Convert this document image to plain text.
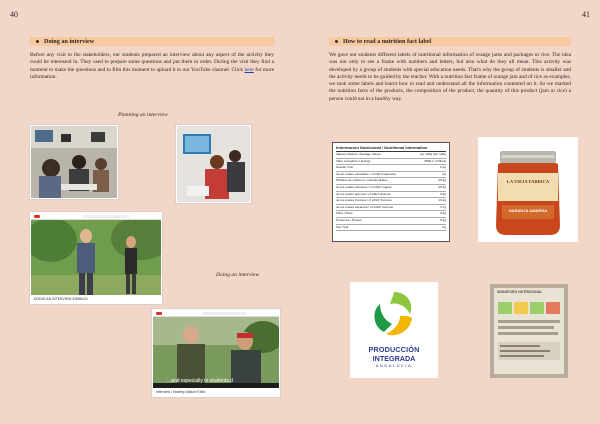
40	41
Doing an interview
Before any visit to the stakeholders, our students prepared an interview about any aspect of the activity they could be interested in. They used to prepare some questions and put them in order. During the visit they find a moment to make the questions and to film this moment to upload it in our YouTube channel. Click here for more information.
Planning an interview
DOING AN INTERVIEW EIMINGO
Doing an interview
...and especially to students.d
Interview / Healthy-Nature Ethic
How to read a nutrition fact label
We gave our students different labels of nutritional information of orange jams and packages or rice. The idea was not only to see a frame with numbers and letters, but also what do they all mean. This activity was developed by a group of students with special education needs. That's why the group of students is smaller and the activity needs to be guided by the teacher. With a nutrition fact frame of orange jam and of rice as examples, we took some labels and learnt how to read and understand all the information contented on it. So we marked the nutrition facts of the products, the composition of the product, the quantity of this product (jam or rice) a person could eat in a healthy way.
Información Nutricional / Nutritional Information
Valores Medios / Average Values	por 100g /per 100g
Valor energético / Energy	956kJ / 170kcal
Grasas / Fat	0,1g
de las cuales saturadas / of which saturates	0g
Hidratos de Carbono / Carbohydrates	29,4g
de los cuales azúcares / of which sugars	29,4g
de los cuales glucosa / of which glucose	6,0g
de los cuales fructosa / of which fructose	10,4g
de los cuales sacarosa / of which sucrose	4,7g
Fibra / Fibre	2,3g
Proteínas / Protein	0,1g
Sal / Salt	0g
LA VIEJA FABRICA
NARANJA AMARGA
PRODUCCIÓN
INTEGRADA
ANDALUCÍA
SEMÁFORO NUTRICIONAL
